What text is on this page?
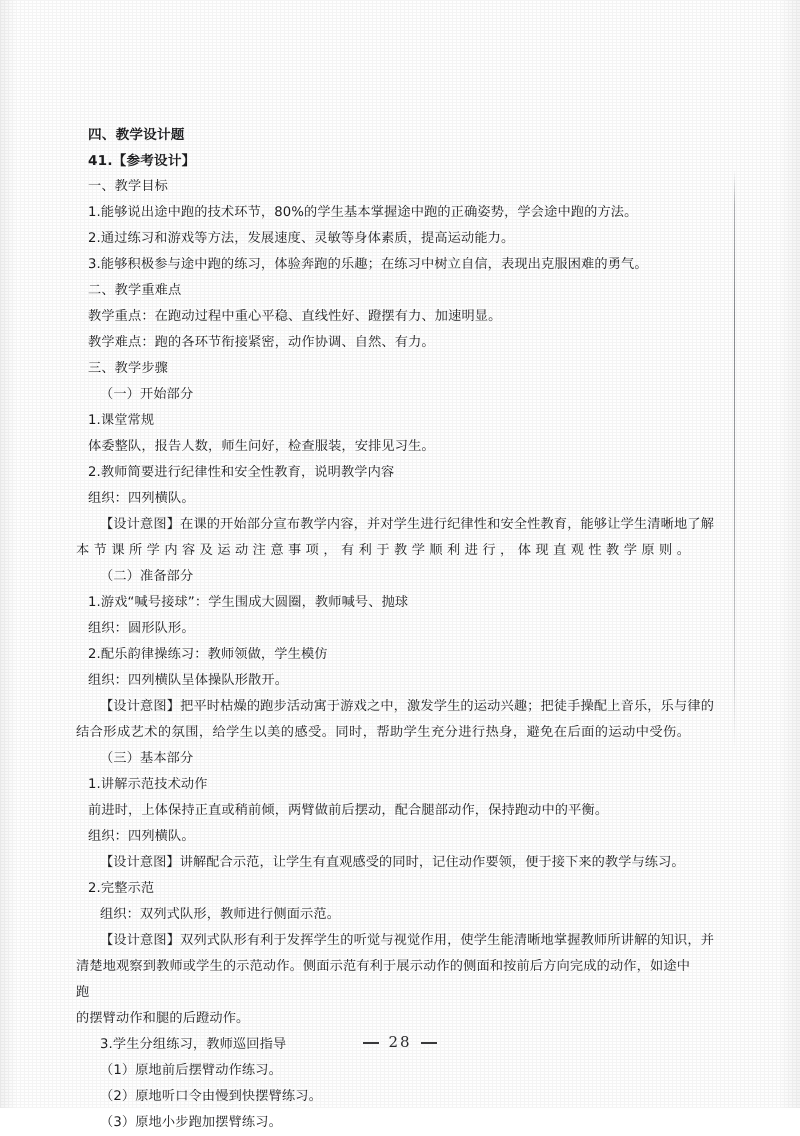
四、教学设计题
41.【参考设计】
一、教学目标
1.能够说出途中跑的技术环节，80%的学生基本掌握途中跑的正确姿势，学会途中跑的方法。
2.通过练习和游戏等方法，发展速度、灵敏等身体素质，提高运动能力。
3.能够积极参与途中跑的练习，体验奔跑的乐趣；在练习中树立自信，表现出克服困难的勇气。
二、教学重难点
教学重点：在跑动过程中重心平稳、直线性好、蹬摆有力、加速明显。
教学难点：跑的各环节衔接紧密，动作协调、自然、有力。
三、教学步骤
（一）开始部分
1.课堂常规
体委整队，报告人数，师生问好，检查服装，安排见习生。
2.教师简要进行纪律性和安全性教育，说明教学内容
组织：四列横队。
【设计意图】在课的开始部分宣布教学内容，并对学生进行纪律性和安全性教育，能够让学生清晰地了解
本节课所学内容及运动注意事项，有利于教学顺利进行，体现直观性教学原则。
（二）准备部分
1.游戏“喊号接球”：学生围成大圆圈，教师喊号、抛球
组织：圆形队形。
2.配乐韵律操练习：教师领做，学生模仿
组织：四列横队呈体操队形散开。
【设计意图】把平时枯燥的跑步活动寓于游戏之中，激发学生的运动兴趣；把徒手操配上音乐，乐与律的
结合形成艺术的氛围，给学生以美的感受。同时，帮助学生充分进行热身，避免在后面的运动中受伤。
（三）基本部分
1.讲解示范技术动作
前进时，上体保持正直或稍前倾，两臂做前后摆动，配合腿部动作，保持跑动中的平衡。
组织：四列横队。
【设计意图】讲解配合示范，让学生有直观感受的同时，记住动作要领，便于接下来的教学与练习。
2.完整示范
组织：双列式队形，教师进行侧面示范。
【设计意图】双列式队形有利于发挥学生的听觉与视觉作用，使学生能清晰地掌握教师所讲解的知识，并
清楚地观察到教师或学生的示范动作。侧面示范有利于展示动作的侧面和按前后方向完成的动作，如途中跑
的摆臂动作和腿的后蹬动作。
3.学生分组练习，教师巡回指导
（1）原地前后摆臂动作练习。
（2）原地听口令由慢到快摆臂练习。
（3）原地小步跑加摆臂练习。
28
